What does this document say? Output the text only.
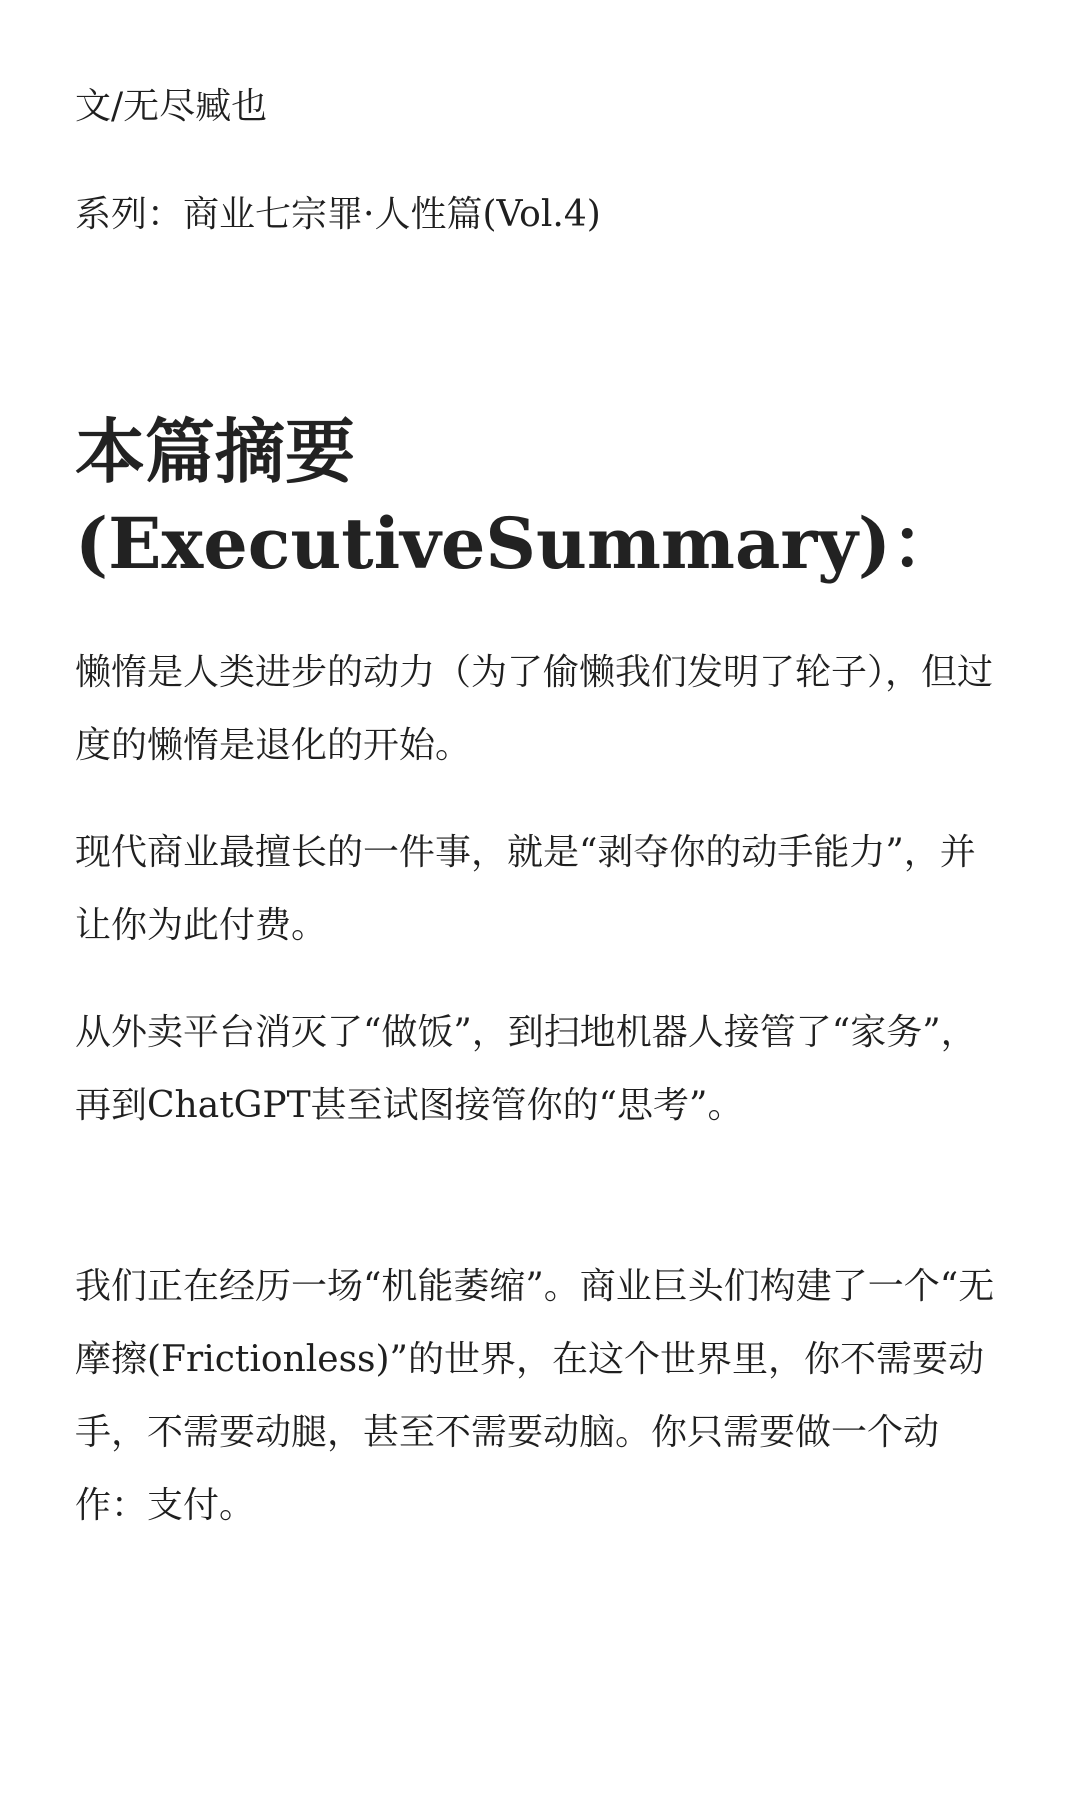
文/无尽臧也

系列：商业七宗罪·人性篇(Vol.4)

本篇摘要
(ExecutiveSummary)：

懒惰是人类进步的动力（为了偷懒我们发明了轮子），但过度的懒惰是退化的开始。

现代商业最擅长的一件事，就是“剥夺你的动手能力”，并让你为此付费。

从外卖平台消灭了“做饭”，到扫地机器人接管了“家务”，再到ChatGPT甚至试图接管你的“思考”。

我们正在经历一场“机能萎缩”。商业巨头们构建了一个“无摩擦(Frictionless)”的世界，在这个世界里，你不需要动手，不需要动腿，甚至不需要动脑。你只需要做一个动作：支付。
